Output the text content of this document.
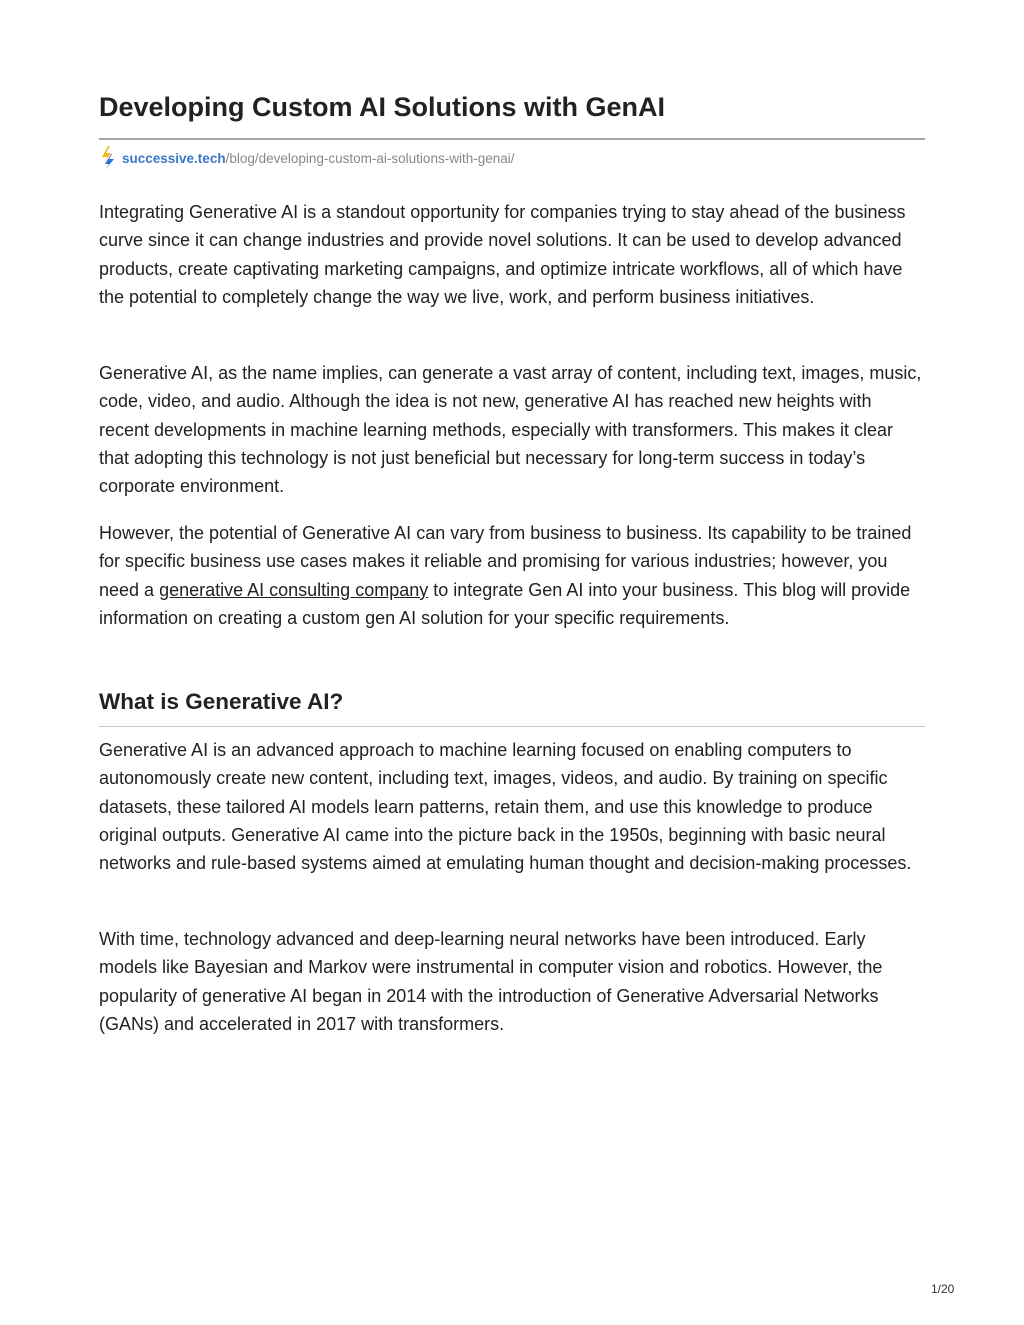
Developing Custom AI Solutions with GenAI
successive.tech /blog/developing-custom-ai-solutions-with-genai/

Integrating Generative AI is a standout opportunity for companies trying to stay ahead of the business curve since it can change industries and provide novel solutions. It can be used to develop advanced products, create captivating marketing campaigns, and optimize intricate workflows, all of which have the potential to completely change the way we live, work, and perform business initiatives.

Generative AI, as the name implies, can generate a vast array of content, including text, images, music, code, video, and audio. Although the idea is not new, generative AI has reached new heights with recent developments in machine learning methods, especially with transformers. This makes it clear that adopting this technology is not just beneficial but necessary for long-term success in today’s corporate environment.

However, the potential of Generative AI can vary from business to business. Its capability to be trained for specific business use cases makes it reliable and promising for various industries; however, you need a generative AI consulting company to integrate Gen AI into your business. This blog will provide information on creating a custom gen AI solution for your specific requirements.

What is Generative AI?

Generative AI is an advanced approach to machine learning focused on enabling computers to autonomously create new content, including text, images, videos, and audio. By training on specific datasets, these tailored AI models learn patterns, retain them, and use this knowledge to produce original outputs. Generative AI came into the picture back in the 1950s, beginning with basic neural networks and rule-based systems aimed at emulating human thought and decision-making processes.

With time, technology advanced and deep-learning neural networks have been introduced. Early models like Bayesian and Markov were instrumental in computer vision and robotics. However, the popularity of generative AI began in 2014 with the introduction of Generative Adversarial Networks (GANs) and accelerated in 2017 with transformers.

1/20
